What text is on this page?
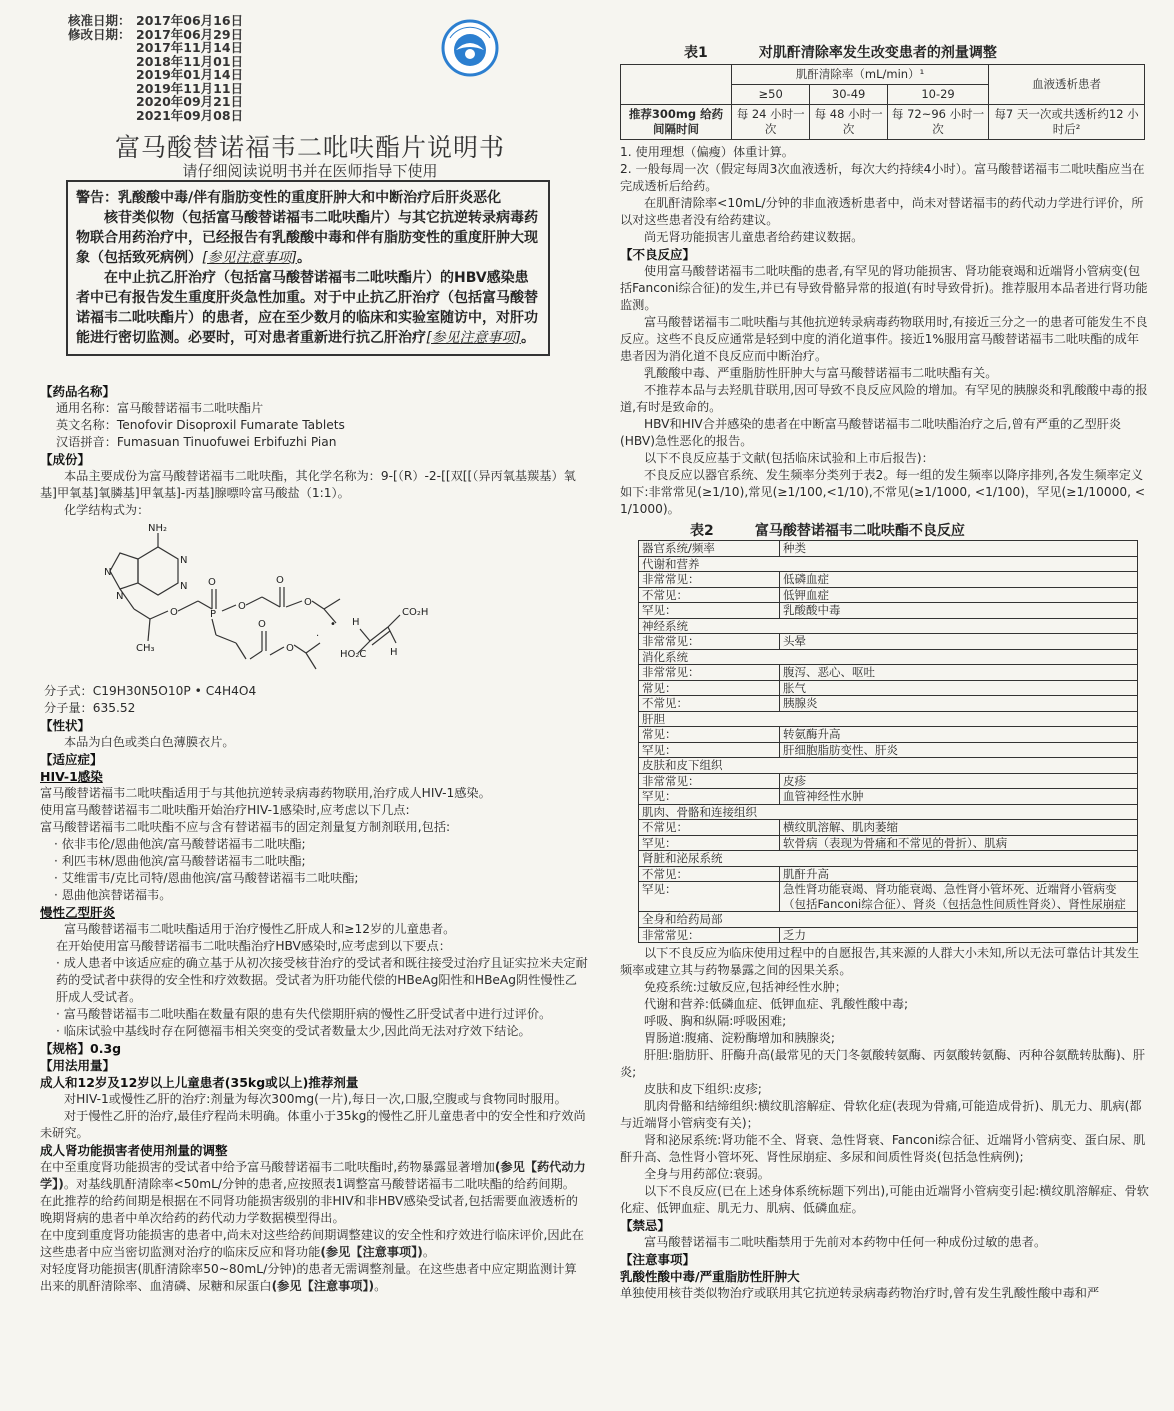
核准日期： 2017年06月16日
修改日期： 2017年06月29日
2017年11月14日
2018年11月01日
2019年01月14日
2019年11月11日
2020年09月21日
2021年09月08日
富马酸替诺福韦二吡呋酯片说明书
请仔细阅读说明书并在医师指导下使用

警告：乳酸酸中毒/伴有脂肪变性的重度肝肿大和中断治疗后肝炎恶化

核苷类似物（包括富马酸替诺福韦二吡呋酯片）与其它抗逆转录病毒药物联合用药治疗中，已经报告有乳酸酸中毒和伴有脂肪变性的重度肝肿大现象（包括致死病例）[参见注意事项]。

在中止抗乙肝治疗（包括富马酸替诺福韦二吡呋酯片）的HBV感染患者中已有报告发生重度肝炎急性加重。对于中止抗乙肝治疗（包括富马酸替诺福韦二吡呋酯片）的患者，应在至少数月的临床和实验室随访中，对肝功能进行密切监测。必要时，可对患者重新进行抗乙肝治疗[参见注意事项]。

【药品名称】

通用名称：富马酸替诺福韦二吡呋酯片

英文名称：Tenofovir Disoproxil Fumarate Tablets

汉语拼音：Fumasuan Tinuofuwei Erbifuzhi Pian

【成份】

本品主要成份为富马酸替诺福韦二吡呋酯，其化学名称为：9-[（R）-2-[[双[[（异丙氧基羰基）氧基]甲氧基]氧膦基]甲氧基]-丙基]腺嘌呤富马酸盐（1:1）。

化学结构式为：

NH₂
N
N
N
N
CH₃
O	P
O
O
O
O
O
O
•
CO₂H
HO₂C H
H
·

分子式：C19H30N5O10P • C4H4O4

分子量：635.52

【性状】

本品为白色或类白色薄膜衣片。

【适应症】
HIV-1感染

富马酸替诺福韦二吡呋酯适用于与其他抗逆转录病毒药物联用,治疗成人HIV-1感染。

使用富马酸替诺福韦二吡呋酯开始治疗HIV-1感染时,应考虑以下几点:

富马酸替诺福韦二吡呋酯不应与含有替诺福韦的固定剂量复方制剂联用,包括:

· 依非韦伦/恩曲他滨/富马酸替诺福韦二吡呋酯;

· 利匹韦林/恩曲他滨/富马酸替诺福韦二吡呋酯;

· 艾维雷韦/克比司特/恩曲他滨/富马酸替诺福韦二吡呋酯;

· 恩曲他滨替诺福韦。

慢性乙型肝炎

富马酸替诺福韦二吡呋酯适用于治疗慢性乙肝成人和≥12岁的儿童患者。

在开始使用富马酸替诺福韦二吡呋酯治疗HBV感染时,应考虑到以下要点：

· 成人患者中该适应症的确立基于从初次接受核苷治疗的受试者和既往接受过治疗且证实拉米夫定耐药的受试者中获得的安全性和疗效数据。受试者为肝功能代偿的HBeAg阳性和HBeAg阴性慢性乙肝成人受试者。

· 富马酸替诺福韦二吡呋酯在数量有限的患有失代偿期肝病的慢性乙肝受试者中进行过评价。

· 临床试验中基线时存在阿德福韦相关突变的受试者数量太少,因此尚无法对疗效下结论。

【规格】0.3g
【用法用量】
成人和12岁及12岁以上儿童患者(35kg或以上)推荐剂量

对HIV-1或慢性乙肝的治疗:剂量为每次300mg(一片),每日一次,口服,空腹或与食物同时服用。

对于慢性乙肝的治疗,最佳疗程尚未明确。体重小于35kg的慢性乙肝儿童患者中的安全性和疗效尚未研究。

成人肾功能损害者使用剂量的调整

在中至重度肾功能损害的受试者中给予富马酸替诺福韦二吡呋酯时,药物暴露显著增加(参见【药代动力学】)。对基线肌酐清除率<50mL/分钟的患者,应按照表1调整富马酸替诺福韦二吡呋酯的给药间期。

在此推荐的给药间期是根据在不同肾功能损害级别的非HIV和非HBV感染受试者,包括需要血液透析的晚期肾病的患者中单次给药的药代动力学数据模型得出。

在中度到重度肾功能损害的患者中,尚未对这些给药间期调整建议的安全性和疗效进行临床评价,因此在这些患者中应当密切监测对治疗的临床反应和肾功能(参见【注意事项】)。

对轻度肾功能损害(肌酐清除率50~80mL/分钟)的患者无需调整剂量。在这些患者中应定期监测计算出来的肌酐清除率、血清磷、尿糖和尿蛋白(参见【注意事项】)。

表1	对肌酐清除率发生改变患者的剂量调整
	肌酐清除率（mL/min）¹			血液透析患者
	≥50	30-49	10-29	
推荐300mg 给药间隔时间	每 24 小时一次	每 48 小时一次	每 72~96 小时一次	每7 天一次或共透析约12 小时后²

1. 使用理想（偏瘦）体重计算。

2. 一般每周一次（假定每周3次血液透析，每次大约持续4小时）。富马酸替诺福韦二吡呋酯应当在完成透析后给药。

在肌酐清除率<10mL/分钟的非血液透析患者中，尚未对替诺福韦的药代动力学进行评价，所以对这些患者没有给药建议。

尚无肾功能损害儿童患者给药建议数据。

【不良反应】

使用富马酸替诺福韦二吡呋酯的患者,有罕见的肾功能损害、肾功能衰竭和近端肾小管病变(包括Fanconi综合征)的发生,并已有导致骨骼异常的报道(有时导致骨折)。推荐服用本品者进行肾功能监测。

富马酸替诺福韦二吡呋酯与其他抗逆转录病毒药物联用时,有接近三分之一的患者可能发生不良反应。这些不良反应通常是轻到中度的消化道事件。接近1%服用富马酸替诺福韦二吡呋酯的成年患者因为消化道不良反应而中断治疗。

乳酸酸中毒、严重脂肪性肝肿大与富马酸替诺福韦二吡呋酯有关。

不推荐本品与去羟肌苷联用,因可导致不良反应风险的增加。有罕见的胰腺炎和乳酸酸中毒的报道,有时是致命的。

HBV和HIV合并感染的患者在中断富马酸替诺福韦二吡呋酯治疗之后,曾有严重的乙型肝炎(HBV)急性恶化的报告。

以下不良反应基于文献(包括临床试验和上市后报告)：

不良反应以器官系统、发生频率分类列于表2。每一组的发生频率以降序排列,各发生频率定义如下:非常常见(≥1/10),常见(≥1/100,<1/10),不常见(≥1/1000, <1/100)，罕见(≥1/10000, < 1/1000)。

表2	富马酸替诺福韦二吡呋酯不良反应
器官系统/频率	种类
代谢和营养	
非常常见：	低磷血症
不常见：	低钾血症
罕见：	乳酸酸中毒
神经系统	
非常常见：	头晕
消化系统	
非常常见：	腹泻、恶心、呕吐
常见：	胀气
不常见：	胰腺炎
肝胆	
常见：	转氨酶升高
罕见：	肝细胞脂肪变性、肝炎
皮肤和皮下组织	
非常常见：	皮疹
罕见：	血管神经性水肿
肌肉、骨骼和连接组织	
不常见：	横纹肌溶解、肌肉萎缩
罕见：	软骨病（表现为骨痛和不常见的骨折）、肌病
肾脏和泌尿系统	
不常见：	肌酐升高
罕见：	急性肾功能衰竭、肾功能衰竭、急性肾小管坏死、近端肾小管病变（包括Fanconi综合征）、肾炎（包括急性间质性肾炎）、肾性尿崩症
全身和给药局部	
非常常见：	乏力

以下不良反应为临床使用过程中的自愿报告,其来源的人群大小未知,所以无法可靠估计其发生频率或建立其与药物暴露之间的因果关系。

免疫系统:过敏反应,包括神经性水肿；

代谢和营养:低磷血症、低钾血症、乳酸性酸中毒;

呼吸、胸和纵隔:呼吸困难;

胃肠道:腹痛、淀粉酶增加和胰腺炎;

肝胆:脂肪肝、肝酶升高(最常见的天门冬氨酸转氨酶、丙氨酸转氨酶、丙种谷氨酰转肽酶)、肝炎;

皮肤和皮下组织:皮疹;

肌肉骨骼和结缔组织:横纹肌溶解症、骨软化症(表现为骨痛,可能造成骨折)、肌无力、肌病(都与近端肾小管病变有关)；

肾和泌尿系统:肾功能不全、肾衰、急性肾衰、Fanconi综合征、近端肾小管病变、蛋白尿、肌酐升高、急性肾小管坏死、肾性尿崩症、多尿和间质性肾炎(包括急性病例);

全身与用药部位:衰弱。

以下不良反应(已在上述身体系统标题下列出),可能由近端肾小管病变引起:横纹肌溶解症、骨软化症、低钾血症、肌无力、肌病、低磷血症。

【禁忌】

富马酸替诺福韦二吡呋酯禁用于先前对本药物中任何一种成份过敏的患者。

【注意事项】
乳酸性酸中毒/严重脂肪性肝肿大

单独使用核苷类似物治疗或联用其它抗逆转录病毒药物治疗时,曾有发生乳酸性酸中毒和严
